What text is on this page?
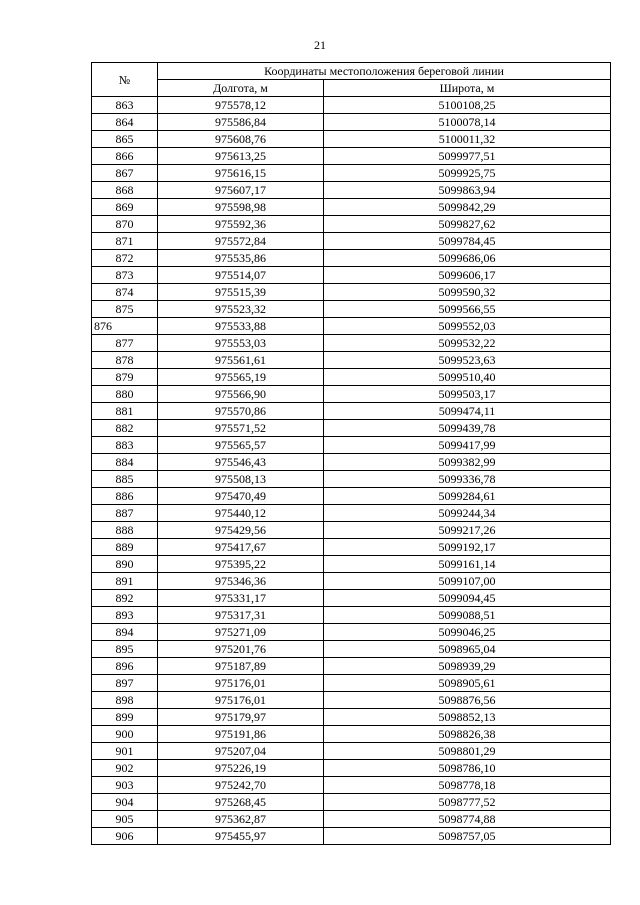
21
№	Координаты местоположения береговой линии	
	Долгота, м	Широта, м
863	975578,12	5100108,25
864	975586,84	5100078,14
865	975608,76	5100011,32
866	975613,25	5099977,51
867	975616,15	5099925,75
868	975607,17	5099863,94
869	975598,98	5099842,29
870	975592,36	5099827,62
871	975572,84	5099784,45
872	975535,86	5099686,06
873	975514,07	5099606,17
874	975515,39	5099590,32
875	975523,32	5099566,55
876	975533,88	5099552,03
877	975553,03	5099532,22
878	975561,61	5099523,63
879	975565,19	5099510,40
880	975566,90	5099503,17
881	975570,86	5099474,11
882	975571,52	5099439,78
883	975565,57	5099417,99
884	975546,43	5099382,99
885	975508,13	5099336,78
886	975470,49	5099284,61
887	975440,12	5099244,34
888	975429,56	5099217,26
889	975417,67	5099192,17
890	975395,22	5099161,14
891	975346,36	5099107,00
892	975331,17	5099094,45
893	975317,31	5099088,51
894	975271,09	5099046,25
895	975201,76	5098965,04
896	975187,89	5098939,29
897	975176,01	5098905,61
898	975176,01	5098876,56
899	975179,97	5098852,13
900	975191,86	5098826,38
901	975207,04	5098801,29
902	975226,19	5098786,10
903	975242,70	5098778,18
904	975268,45	5098777,52
905	975362,87	5098774,88
906	975455,97	5098757,05
